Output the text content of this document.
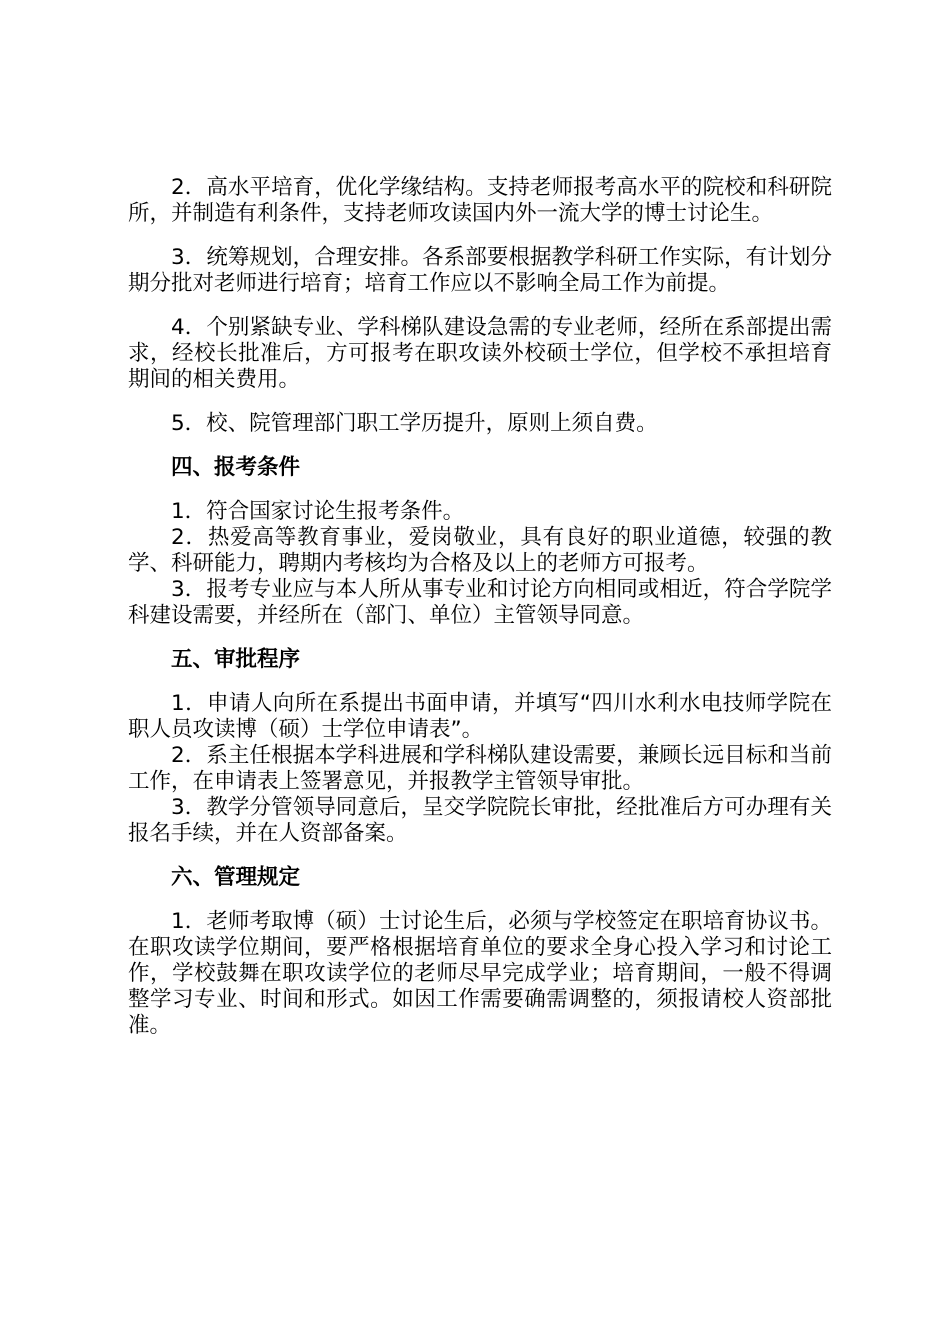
2．高水平培育，优化学缘结构。支持老师报考高水平的院校和科研院所，并制造有利条件，支持老师攻读国内外一流大学的博士讨论生。

3．统筹规划，合理安排。各系部要根据教学科研工作实际，有计划分期分批对老师进行培育；培育工作应以不影响全局工作为前提。

4．个别紧缺专业、学科梯队建设急需的专业老师，经所在系部提出需求，经校长批准后，方可报考在职攻读外校硕士学位，但学校不承担培育期间的相关费用。

5．校、院管理部门职工学历提升，原则上须自费。

四、报考条件

1．符合国家讨论生报考条件。

2．热爱高等教育事业，爱岗敬业，具有良好的职业道德，较强的教学、科研能力，聘期内考核均为合格及以上的老师方可报考。

3．报考专业应与本人所从事专业和讨论方向相同或相近，符合学院学科建设需要，并经所在（部门、单位）主管领导同意。

五、审批程序

1．申请人向所在系提出书面申请，并填写“四川水利水电技师学院在职人员攻读博（硕）士学位申请表”。

2．系主任根据本学科进展和学科梯队建设需要，兼顾长远目标和当前工作，在申请表上签署意见，并报教学主管领导审批。

3．教学分管领导同意后，呈交学院院长审批，经批准后方可办理有关报名手续，并在人资部备案。

六、管理规定

1．老师考取博（硕）士讨论生后，必须与学校签定在职培育协议书。在职攻读学位期间，要严格根据培育单位的要求全身心投入学习和讨论工作，学校鼓舞在职攻读学位的老师尽早完成学业；培育期间，一般不得调整学习专业、时间和形式。如因工作需要确需调整的，须报请校人资部批准。
